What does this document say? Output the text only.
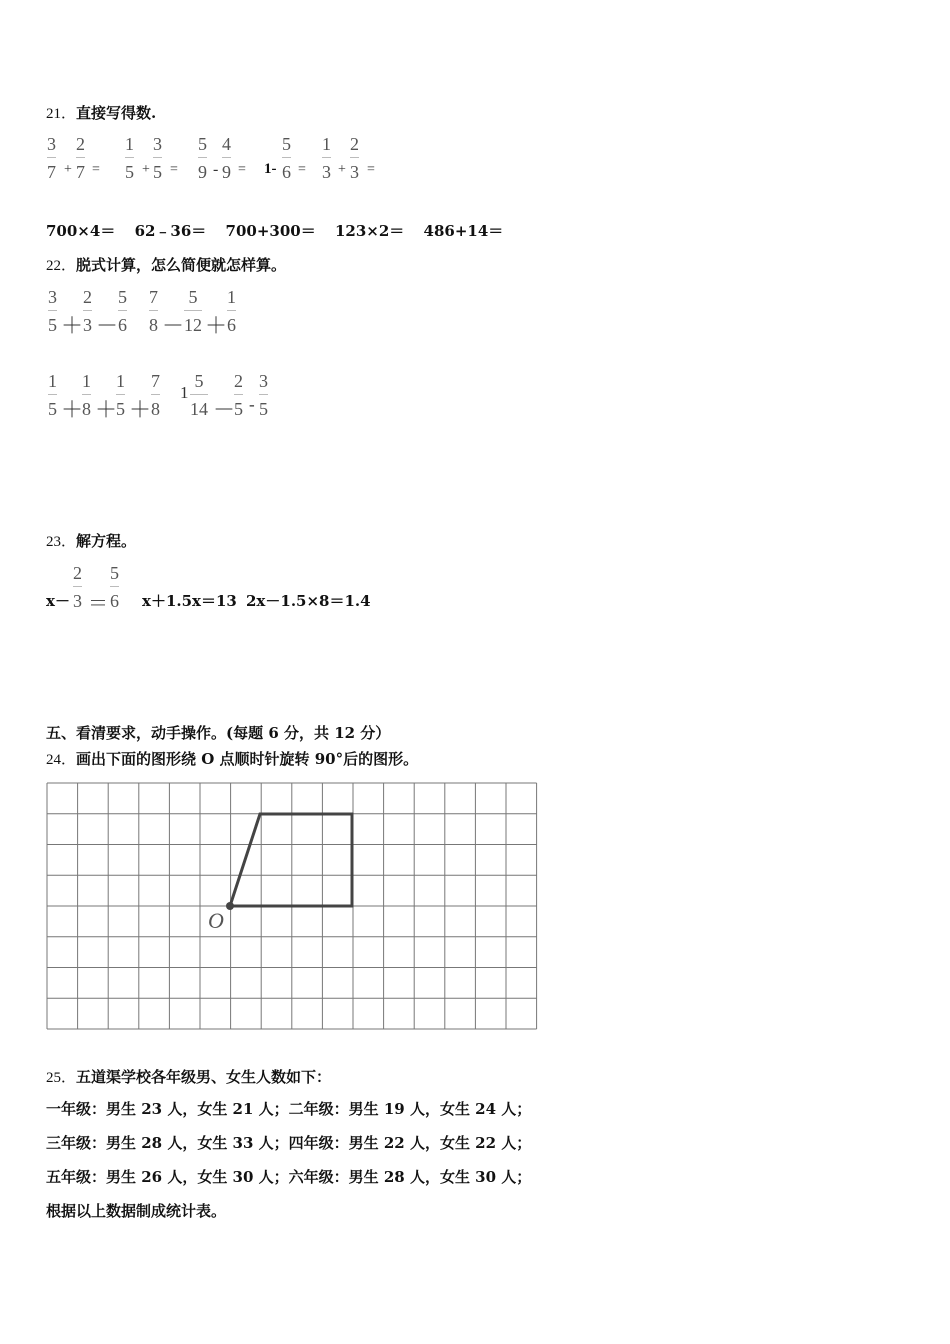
21．直接写得数.
3
7 +
2
7 =
1
5 +
3
5 =
5
9 -
4
9 = 1-
5
6 =
1
3 +
2
3 =
700×4＝ 62﹣36＝ 700+300＝ 123×2＝ 486+14＝
22．脱式计算，怎么简便就怎样算。
3
5 ＋
2
3 －
5
6
7
8 －
5
12 ＋
1
6
1
5 ＋
1
8 ＋
1
5 ＋
7
8
1
5
14 －
2
5 -
3
5
23．解方程。
x－
2
3 ＝
5
6 x＋1.5x＝13 2x－1.5×8＝1.4
五、看清要求，动手操作。(每题 6 分，共 12 分）
24．画出下面的图形绕 O 点顺时针旋转 90°后的图形。
O
25．五道渠学校各年级男、女生人数如下：
一年级：男生 23 人，女生 21 人；二年级：男生 19 人，女生 24 人；
三年级：男生 28 人，女生 33 人；四年级：男生 22 人，女生 22 人；
五年级：男生 26 人，女生 30 人；六年级：男生 28 人，女生 30 人；
根据以上数据制成统计表。
